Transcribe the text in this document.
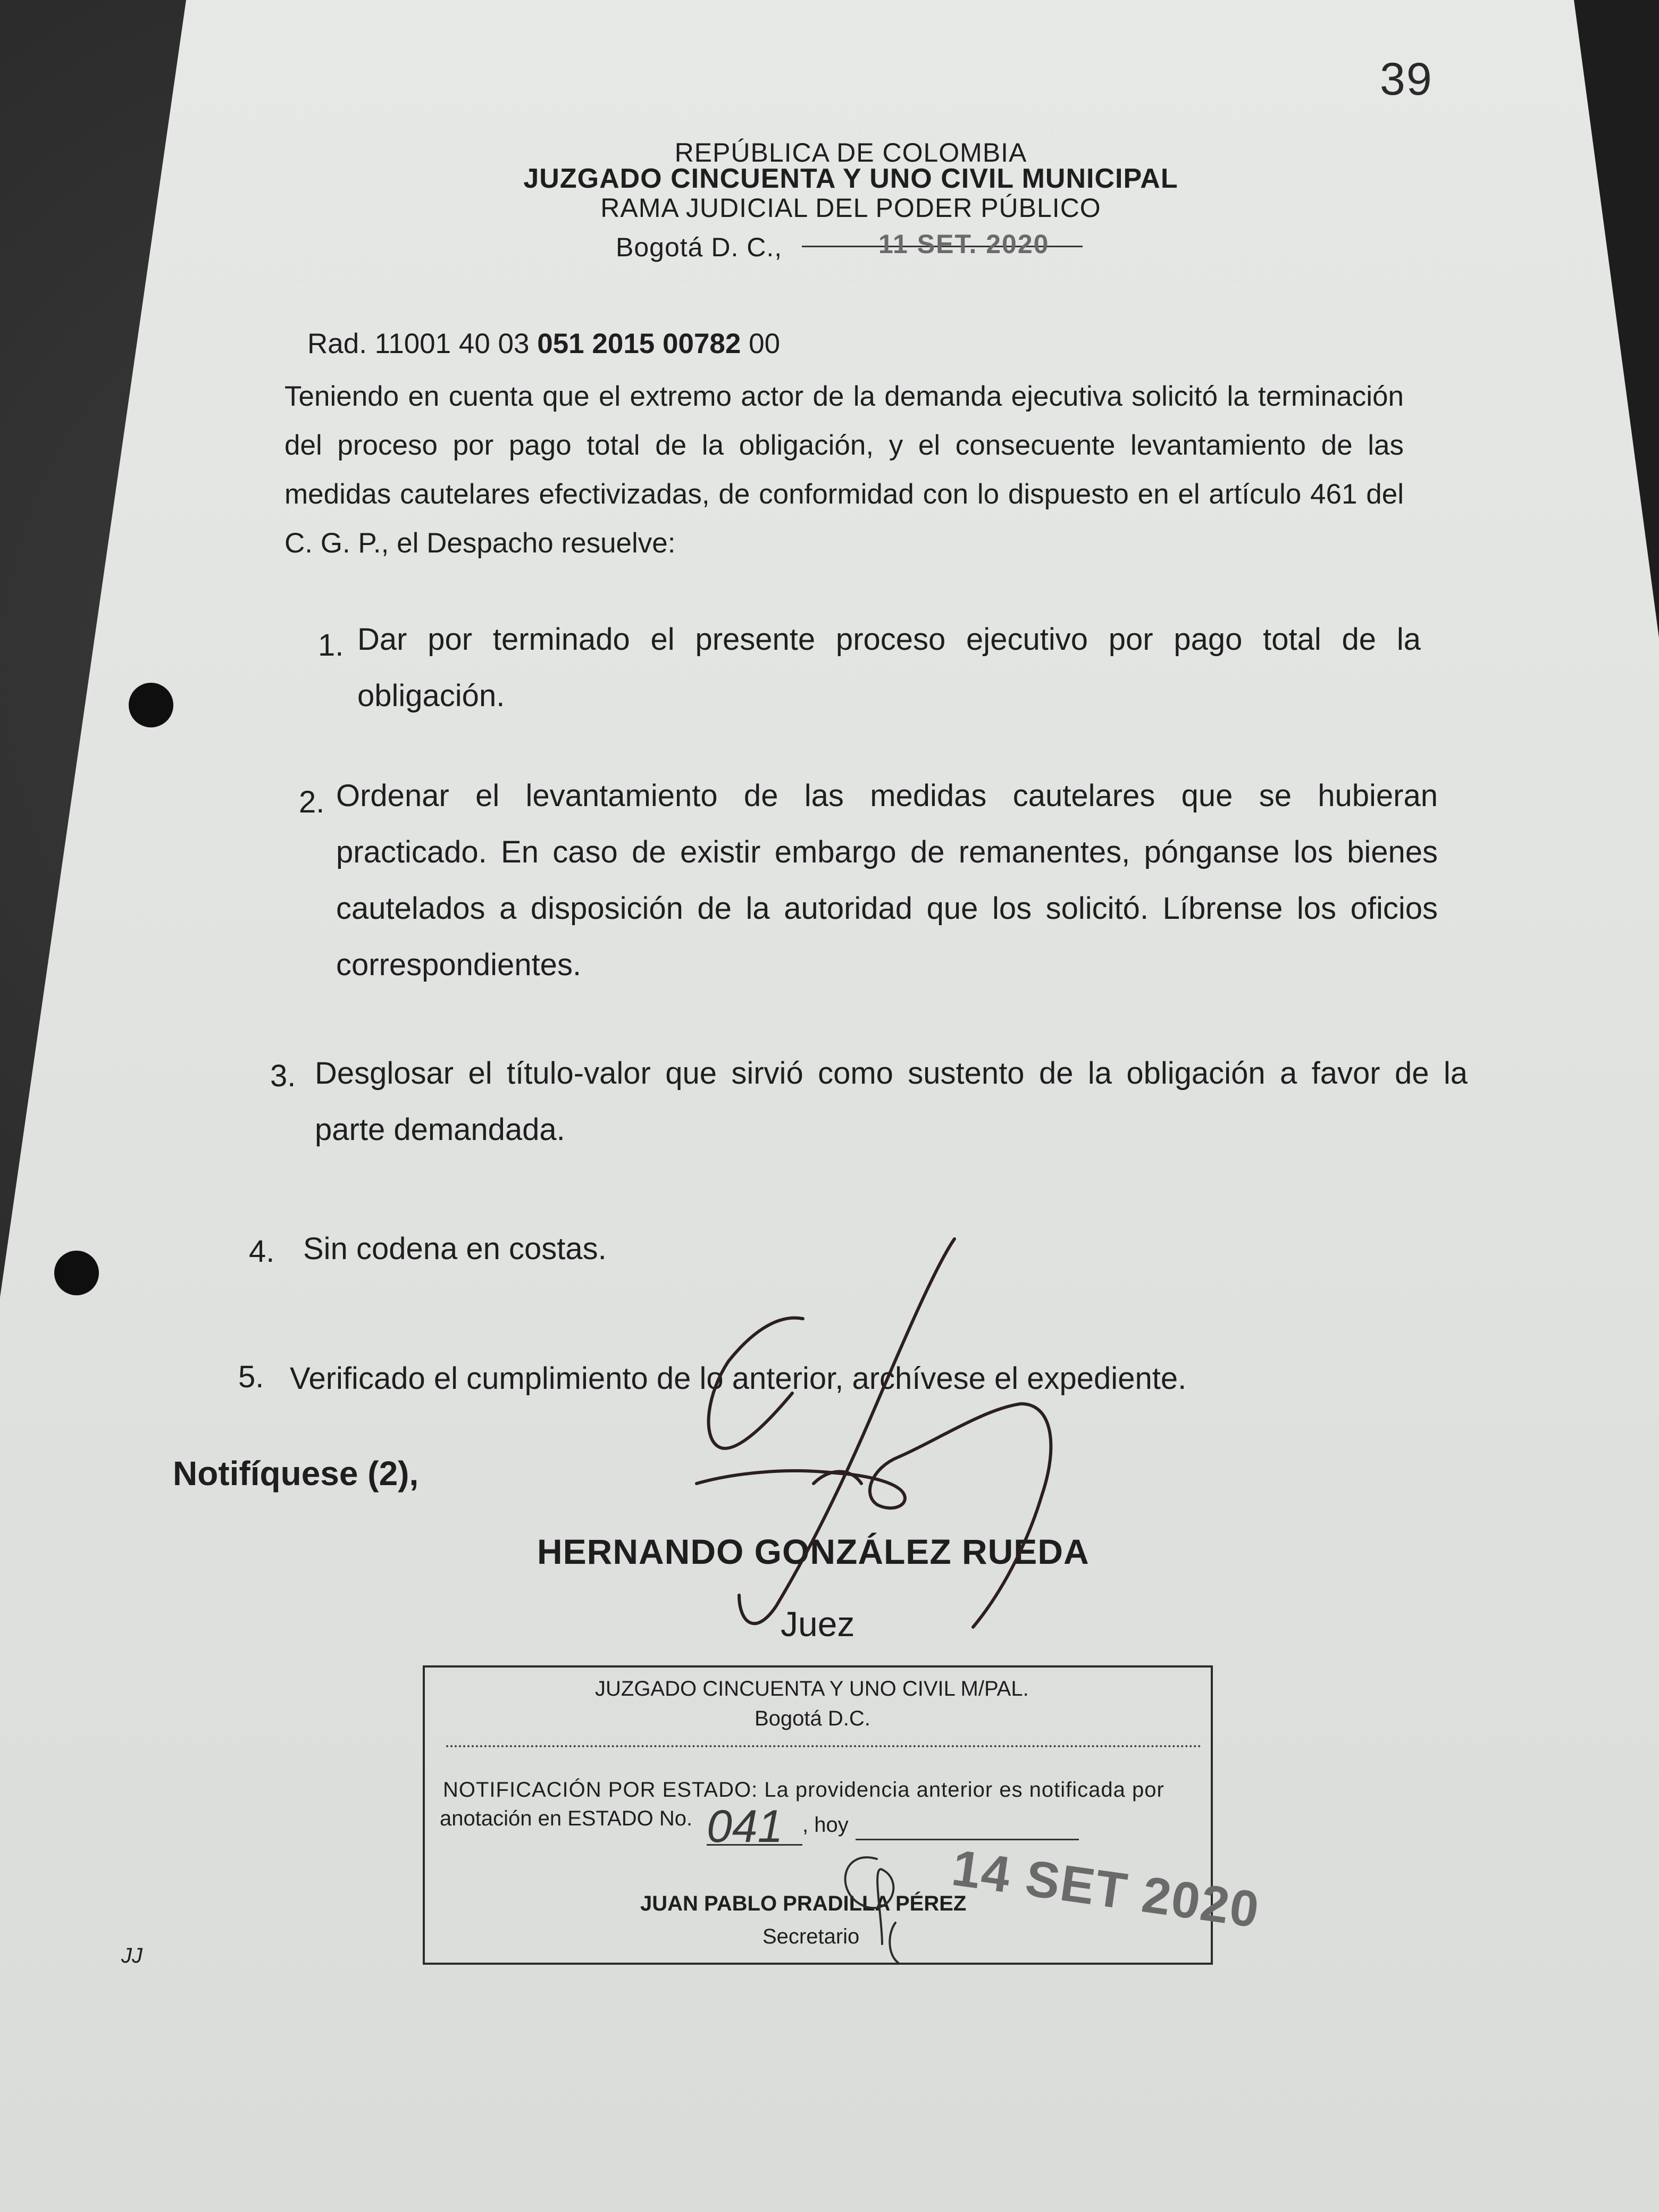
39
REPÚBLICA DE COLOMBIA
JUZGADO CINCUENTA Y UNO CIVIL MUNICIPAL
RAMA JUDICIAL DEL PODER PÚBLICO
Bogotá D. C.,	11 SET. 2020
Rad. 11001 40 03 051 2015 00782 00
Teniendo en cuenta que el extremo actor de la demanda ejecutiva solicitó la terminación del proceso por pago total de la obligación, y el consecuente levantamiento de las medidas cautelares efectivizadas, de conformidad con lo dispuesto en el artículo 461 del C. G. P., el Despacho resuelve:
1. Dar por terminado el presente proceso ejecutivo por pago total de la obligación.
2. Ordenar el levantamiento de las medidas cautelares que se hubieran practicado. En caso de existir embargo de remanentes, pónganse los bienes cautelados a disposición de la autoridad que los solicitó. Líbrense los oficios correspondientes.
3. Desglosar el título-valor que sirvió como sustento de la obligación a favor de la parte demandada.
4. Sin codena en costas.
5. Verificado el cumplimiento de lo anterior, archívese el expediente.
Notifíquese (2),
HERNANDO GONZÁLEZ RUEDA
Juez
JUZGADO CINCUENTA Y UNO CIVIL M/PAL.
Bogotá D.C.
NOTIFICACIÓN POR ESTADO: La providencia anterior es notificada por
anotación en ESTADO No. 041 , hoy
14 SET 2020
JUAN PABLO PRADILLA PÉREZ
Secretario
JJ
